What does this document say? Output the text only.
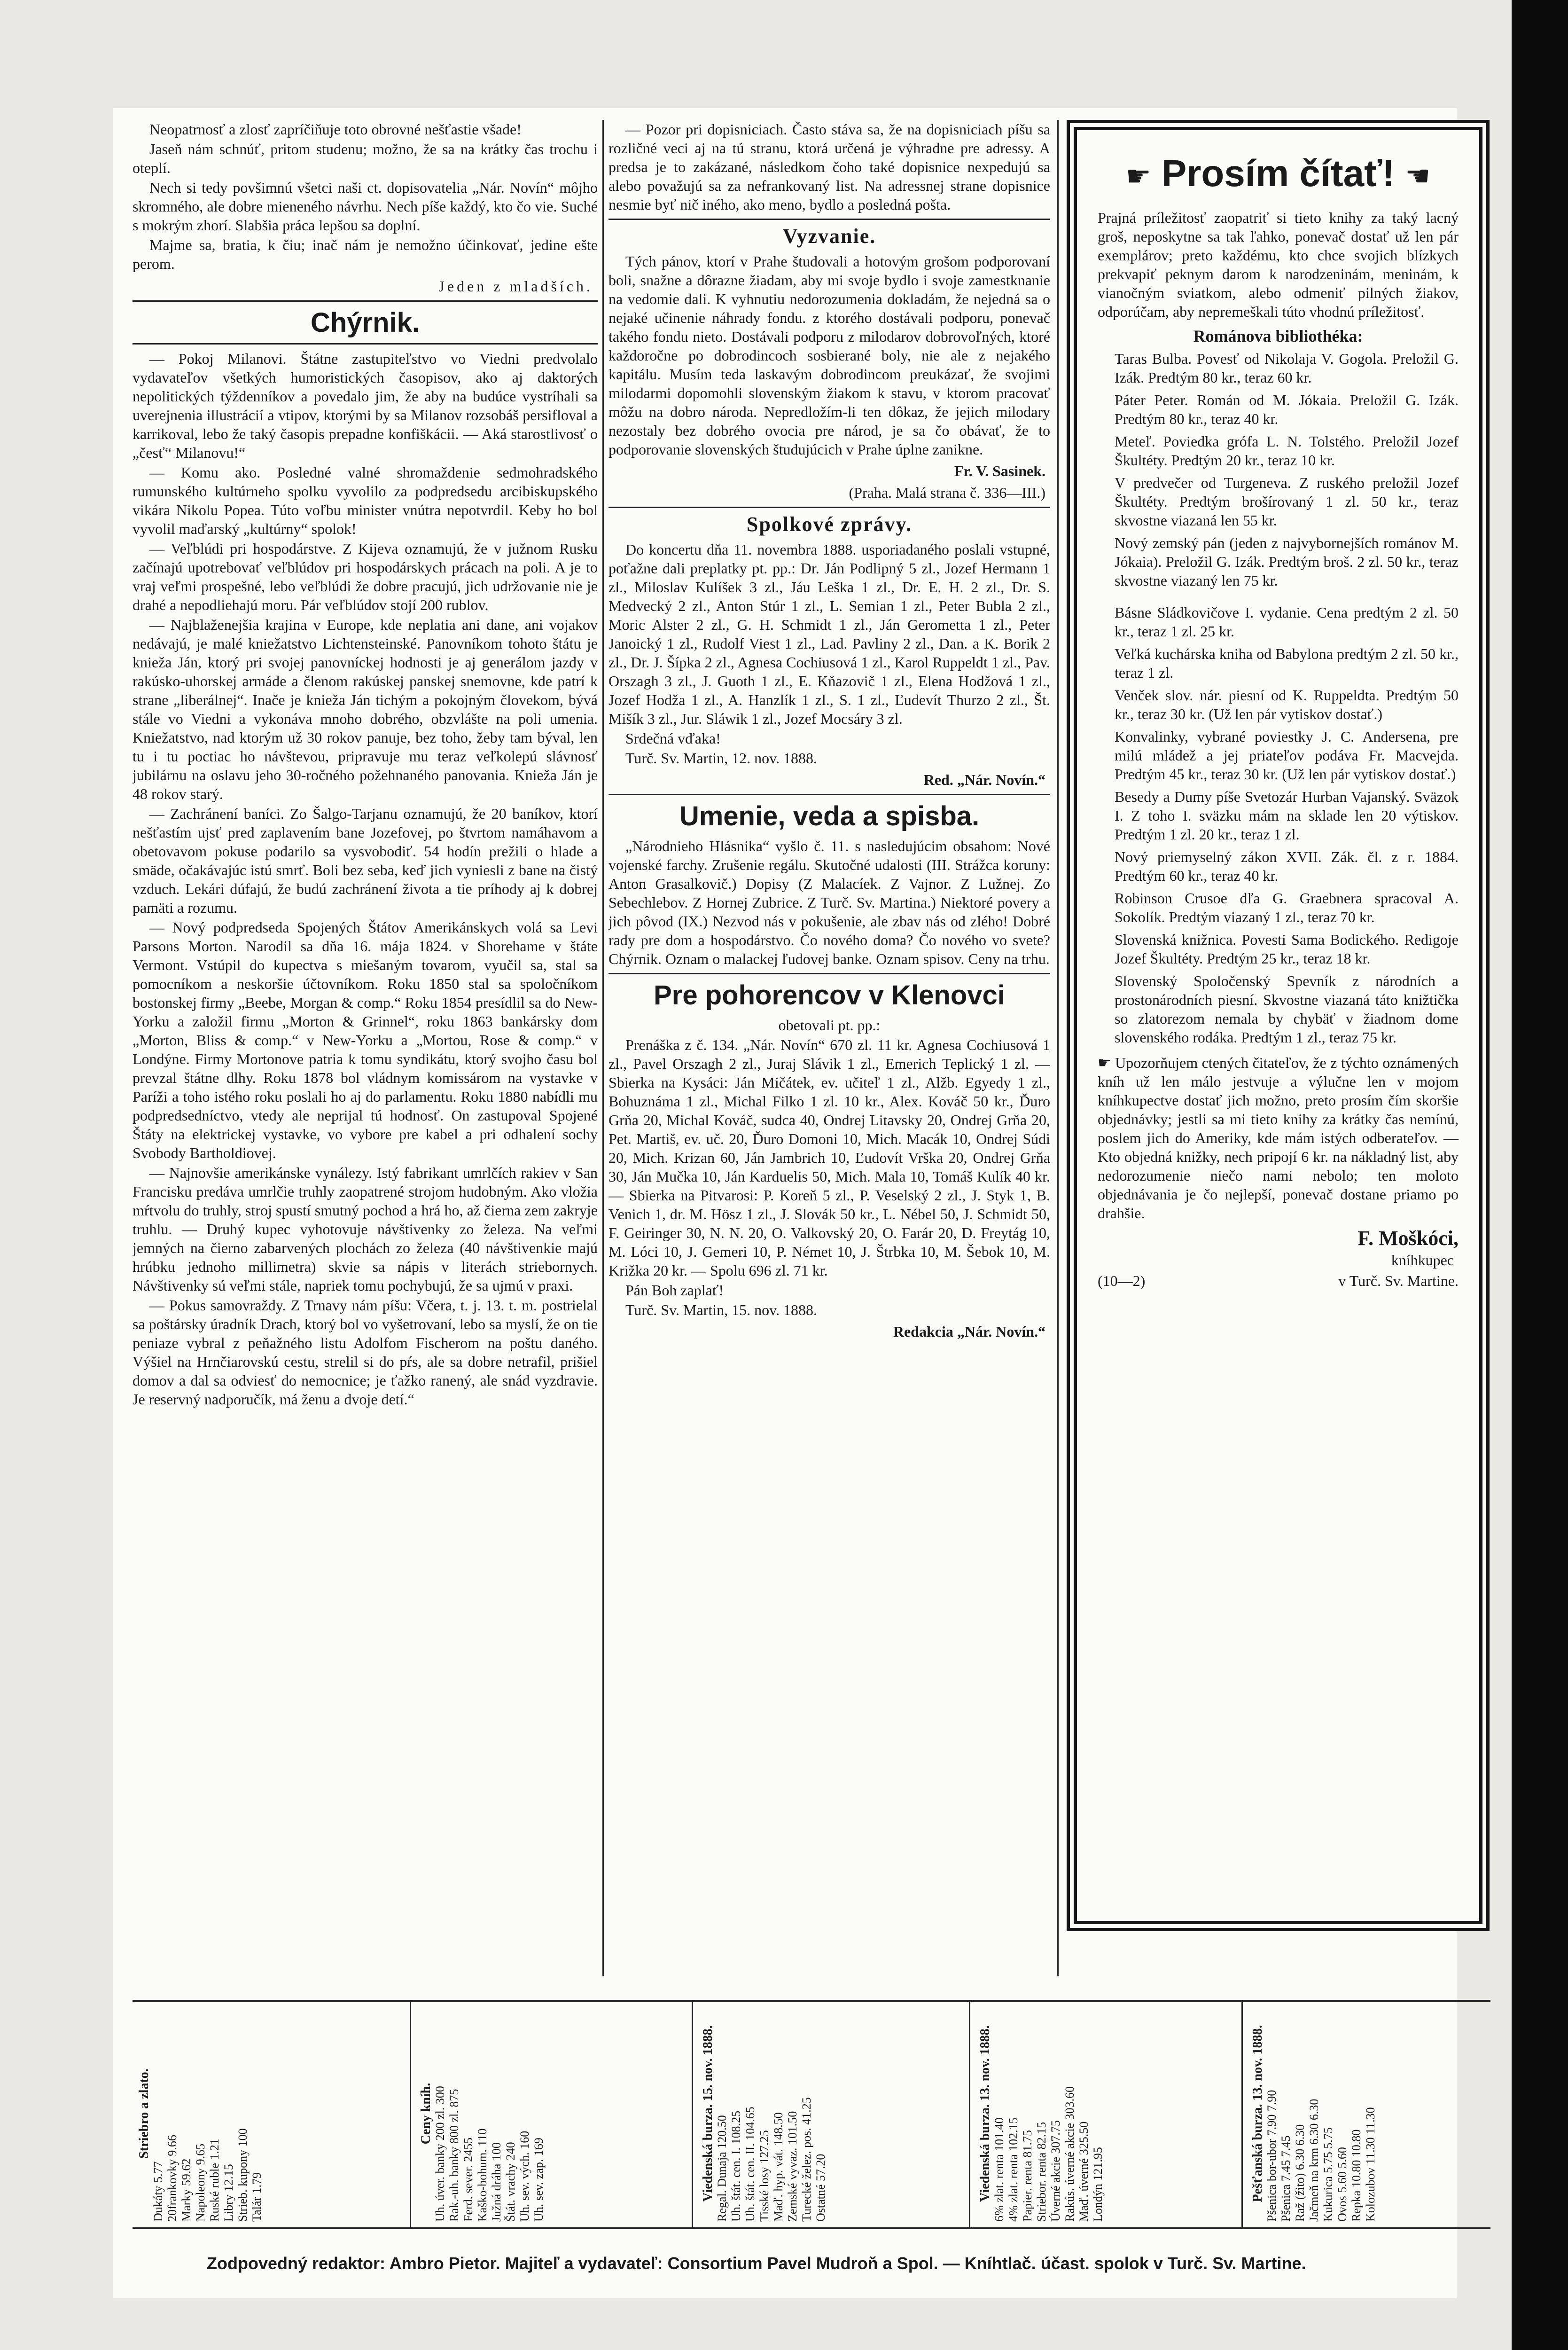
Neopatrnosť a zlosť zapríčiňuje toto obrovné nešťastie všade!

Jaseň nám schnúť, pritom studenu; možno, že sa na krátky čas trochu i oteplí.

Nech si tedy povšimnú všetci naši ct. dopisovatelia „Nár. Novín“ môjho skromného, ale dobre mieneného návrhu. Nech píše každý, kto čo vie. Suché s mokrým zhorí. Slabšia práca lepšou sa doplní.

Majme sa, bratia, k čiu; inač nám je nemožno účinkovať, jedine ešte perom.

Jeden z mladších.
Chýrnik.

— Pokoj Milanovi. Štátne zastupiteľstvo vo Viedni predvolalo vydavateľov všetkých humoristických časopisov, ako aj daktorých nepolitických týždenníkov a povedalo jim, že aby na budúce vystríhali sa uverejnenia illustrácií a vtipov, ktorými by sa Milanov rozsobáš persifloval a karrikoval, lebo že taký časopis prepadne konfiškácii. — Aká starostlivosť o „česť“ Milanovu!“

— Komu ako. Posledné valné shromaždenie sedmohradského rumunského kultúrneho spolku vyvolilo za podpredsedu arcibiskupského vikára Nikolu Popea. Túto voľbu minister vnútra nepotvrdil. Keby ho bol vyvolil maďarský „kultúrny“ spolok!

— Veľblúdi pri hospodárstve. Z Kijeva oznamujú, že v južnom Rusku začínajú upotrebovať veľblúdov pri hospodárskych prácach na poli. A je to vraj veľmi prospešné, lebo veľblúdi že dobre pracujú, jich udržovanie nie je drahé a nepodliehajú moru. Pár veľblúdov stojí 200 rublov.

— Najblaženejšia krajina v Europe, kde neplatia ani dane, ani vojakov nedávajú, je malé kniežatstvo Lichtensteinské. Panovníkom tohoto štátu je knieža Ján, ktorý pri svojej panovníckej hodnosti je aj generálom jazdy v rakúsko-uhorskej armáde a členom rakúskej panskej snemovne, kde patrí k strane „liberálnej“. Inače je knieža Ján tichým a pokojným človekom, bývá stále vo Viedni a vykonáva mnoho dobrého, obzvlášte na poli umenia. Kniežatstvo, nad ktorým už 30 rokov panuje, bez toho, žeby tam býval, len tu i tu poctiac ho návštevou, pripravuje mu teraz veľkolepú slávnosť jubilárnu na oslavu jeho 30-ročného požehnaného panovania. Knieža Ján je 48 rokov starý.

— Zachránení baníci. Zo Šalgo-Tarjanu oznamujú, že 20 baníkov, ktorí nešťastím ujsť pred zaplavením bane Jozefovej, po štvrtom namáhavom a obetovavom pokuse podarilo sa vysvobodiť. 54 hodín prežili o hlade a smäde, očakávajúc istú smrť. Boli bez seba, keď jich vyniesli z bane na čistý vzduch. Lekári dúfajú, že budú zachránení života a tie príhody aj k dobrej pamäti a rozumu.

— Nový podpredseda Spojených Štátov Amerikánskych volá sa Levi Parsons Morton. Narodil sa dňa 16. mája 1824. v Shorehame v štáte Vermont. Vstúpil do kupectva s miešaným tovarom, vyučil sa, stal sa pomocníkom a neskoršie účtovníkom. Roku 1850 stal sa spoločníkom bostonskej firmy „Beebe, Morgan & comp.“ Roku 1854 presídlil sa do New-Yorku a založil firmu „Morton & Grinnel“, roku 1863 bankársky dom „Morton, Bliss & comp.“ v New-Yorku a „Mortou, Rose & comp.“ v Londýne. Firmy Mortonove patria k tomu syndikátu, ktorý svojho času bol prevzal štátne dlhy. Roku 1878 bol vládnym komissárom na vystavke v Paríži a toho istého roku poslali ho aj do parlamentu. Roku 1880 nabídli mu podpredsedníctvo, vtedy ale neprijal tú hodnosť. On zastupoval Spojené Štáty na elektrickej vystavke, vo vybore pre kabel a pri odhalení sochy Svobody Bartholdiovej.

— Najnovšie amerikánske vynálezy. Istý fabrikant umrlčích rakiev v San Francisku predáva umrlčie truhly zaopatrené strojom hudobným. Ako vložia mŕtvolu do truhly, stroj spustí smutný pochod a hrá ho, až čierna zem zakryje truhlu. — Druhý kupec vyhotovuje návštivenky zo železa. Na veľmi jemných na čierno zabarvených plochách zo železa (40 návštivenkie majú hrúbku jednoho millimetra) skvie sa nápis v literách striebornych. Návštivenky sú veľmi stále, napriek tomu pochybujú, že sa ujmú v praxi.

— Pokus samovraždy. Z Trnavy nám píšu: Včera, t. j. 13. t. m. postrielal sa poštársky úradník Drach, ktorý bol vo vyšetrovaní, lebo sa myslí, že on tie peniaze vybral z peňažného listu Adolfom Fischerom na poštu daného. Výšiel na Hrnčiarovskú cestu, strelil si do pŕs, ale sa dobre netrafil, prišiel domov a dal sa odviesť do nemocnice; je ťažko ranený, ale snád vyzdravie. Je reservný nadporučík, má ženu a dvoje detí.“

— Pozor pri dopisniciach. Často stáva sa, že na dopisniciach píšu sa rozličné veci aj na tú stranu, ktorá určená je výhradne pre adressy. A predsa je to zakázané, následkom čoho také dopisnice nexpedujú sa alebo považujú sa za nefrankovaný list. Na adressnej strane dopisnice nesmie byť nič iného, ako meno, bydlo a posledná pošta.

Vyzvanie.

Tých pánov, ktorí v Prahe študovali a hotovým grošom podporovaní boli, snažne a dôrazne žiadam, aby mi svoje bydlo i svoje zamestknanie na vedomie dali. K vyhnutiu nedorozumenia dokladám, že nejedná sa o nejaké učinenie náhrady fondu. z ktorého dostávali podporu, ponevač takého fondu nieto. Dostávali podporu z milodarov dobrovoľných, ktoré každoročne po dobrodincoch sosbierané boly, nie ale z nejakého kapitálu. Musím teda laskavým dobrodincom preukázať, že svojimi milodarmi dopomohli slovenským žiakom k stavu, v ktorom pracovať môžu na dobro národa. Nepredložím-li ten dôkaz, že jejich milodary nezostaly bez dobrého ovocia pre národ, je sa čo obávať, že to podporovanie slovenských študujúcich v Prahe úplne zanikne.

Fr. V. Sasinek.
(Praha. Malá strana č. 336—III.)
Spolkové zprávy.

Do koncertu dňa 11. novembra 1888. usporiadaného poslali vstupné, poťažne dali preplatky pt. pp.: Dr. Ján Podlipný 5 zl., Jozef Hermann 1 zl., Miloslav Kulíšek 3 zl., Jáu Leška 1 zl., Dr. E. H. 2 zl., Dr. S. Medvecký 2 zl., Anton Stúr 1 zl., L. Semian 1 zl., Peter Bubla 2 zl., Moric Alster 2 zl., G. H. Schmidt 1 zl., Ján Gerometta 1 zl., Peter Janoický 1 zl., Rudolf Viest 1 zl., Lad. Pavliny 2 zl., Dan. a K. Borik 2 zl., Dr. J. Šípka 2 zl., Agnesa Cochiusová 1 zl., Karol Ruppeldt 1 zl., Pav. Orszagh 3 zl., J. Guoth 1 zl., E. Kňazovič 1 zl., Elena Hodžová 1 zl., Jozef Hodža 1 zl., A. Hanzlík 1 zl., S. 1 zl., Ľudevít Thurzo 2 zl., Št. Mišík 3 zl., Jur. Sláwik 1 zl., Jozef Mocsáry 3 zl.

Srdečná vďaka!

Turč. Sv. Martin, 12. nov. 1888.

Red. „Nár. Novín.“
Umenie, veda a spisba.

„Národnieho Hlásnika“ vyšlo č. 11. s nasledujúcim obsahom: Nové vojenské farchy. Zrušenie regálu. Skutočné udalosti (III. Strážca koruny: Anton Grasalkovič.) Dopisy (Z Malacíek. Z Vajnor. Z Lužnej. Zo Sebechlebov. Z Hornej Zubrice. Z Turč. Sv. Martina.) Niektoré povery a jich pôvod (IX.) Nezvod nás v pokušenie, ale zbav nás od zlého! Dobré rady pre dom a hospodárstvo. Čo nového doma? Čo nového vo svete? Chýrnik. Oznam o malackej ľudovej banke. Oznam spisov. Ceny na trhu.

Pre pohorencov v Klenovci

obetovali pt. pp.:

Prenáška z č. 134. „Nár. Novín“ 670 zl. 11 kr. Agnesa Cochiusová 1 zl., Pavel Orszagh 2 zl., Juraj Slávik 1 zl., Emerich Teplický 1 zl. — Sbierka na Kysáci: Ján Mičátek, ev. učiteľ 1 zl., Alžb. Egyedy 1 zl., Bohuznáma 1 zl., Michal Filko 1 zl. 10 kr., Alex. Kováč 50 kr., Ďuro Grňa 20, Michal Kováč, sudca 40, Ondrej Litavsky 20, Ondrej Grňa 20, Pet. Martiš, ev. uč. 20, Ďuro Domoni 10, Mich. Macák 10, Ondrej Súdi 20, Mich. Krizan 60, Ján Jambrich 10, Ľudovít Vrška 20, Ondrej Grňa 30, Ján Mučka 10, Ján Karduelis 50, Mich. Mala 10, Tomáš Kulík 40 kr. — Sbierka na Pitvarosi: P. Koreň 5 zl., P. Veselský 2 zl., J. Styk 1, B. Venich 1, dr. M. Hösz 1 zl., J. Slovák 50 kr., L. Nébel 50, J. Schmidt 50, F. Geiringer 30, N. N. 20, O. Valkovský 20, O. Farár 20, D. Freytág 10, M. Lóci 10, J. Gemeri 10, P. Német 10, J. Štrbka 10, M. Šebok 10, M. Križka 20 kr. — Spolu 696 zl. 71 kr.

Pán Boh zaplať!

Turč. Sv. Martin, 15. nov. 1888.

Redakcia „Nár. Novín.“
☛ Prosím čítať! ☚

Prajná príležitosť zaopatriť si tieto knihy za taký lacný groš, neposkytne sa tak ľahko, ponevač dostať už len pár exemplárov; preto každému, kto chce svojich blízkych prekvapiť peknym darom k narodzeninám, meninám, k vianočným sviatkom, alebo odmeniť pilných žiakov, odporúčam, aby nepremeškali túto vhodnú príležitosť.

Románova bibliothéka:

Taras Bulba. Povesť od Nikolaja V. Gogola. Preložil G. Izák. Predtým 80 kr., teraz 60 kr.

Páter Peter. Román od M. Jókaia. Preložil G. Izák. Predtým 80 kr., teraz 40 kr.

Meteľ. Poviedka grófa L. N. Tolstého. Preložil Jozef Škultéty. Predtým 20 kr., teraz 10 kr.

V predvečer od Turgeneva. Z ruského preložil Jozef Škultéty. Predtým brošírovaný 1 zl. 50 kr., teraz skvostne viazaná len 55 kr.

Nový zemský pán (jeden z najvybornejších románov M. Jókaia). Preložil G. Izák. Predtým broš. 2 zl. 50 kr., teraz skvostne viazaný len 75 kr.

Básne Sládkovičove I. vydanie. Cena predtým 2 zl. 50 kr., teraz 1 zl. 25 kr.

Veľká kuchárska kniha od Babylona predtým 2 zl. 50 kr., teraz 1 zl.

Venček slov. nár. piesní od K. Ruppeldta. Predtým 50 kr., teraz 30 kr. (Už len pár vytiskov dostať.)

Konvalinky, vybrané poviestky J. C. Andersena, pre milú mládež a jej priateľov podáva Fr. Macvejda. Predtým 45 kr., teraz 30 kr. (Už len pár vytiskov dostať.)

Besedy a Dumy píše Svetozár Hurban Vajanský. Sväzok I. Z toho I. sväzku mám na sklade len 20 výtiskov. Predtým 1 zl. 20 kr., teraz 1 zl.

Nový priemyselný zákon XVII. Zák. čl. z r. 1884. Predtým 60 kr., teraz 40 kr.

Robinson Crusoe dľa G. Graebnera spracoval A. Sokolík. Predtým viazaný 1 zl., teraz 70 kr.

Slovenská knižnica. Povesti Sama Bodického. Redigoje Jozef Škultéty. Predtým 25 kr., teraz 18 kr.

Slovenský Spoločenský Spevník z národních a prostonárodních piesní. Skvostne viazaná táto knižtička so zlatorezom nemala by chybäť v žiadnom dome slovenského rodáka. Predtým 1 zl., teraz 75 kr.

☛ Upozorňujem ctených čitateľov, že z týchto oznámených kníh už len málo jestvuje a výlučne len v mojom kníhkupectve dostať jich možno, preto prosím čím skoršie objednávky; jestli sa mi tieto knihy za krátky čas nemínú, poslem jich do Ameriky, kde mám istých odberateľov. — Kto objedná knižky, nech pripojí 6 kr. na nákladný list, aby nedorozumenie niečo nami nebolo; ten moloto objednávania je čo nejlepší, ponevač dostane priamo po drahšie.

F. Moškóci,
kníhkupec
(10—2)	v Turč. Sv. Martine.
Pešťanská burza. 13. nov. 1888. Pšenica bor-ubor 7.90 7.90 Pšenica 7.45 7.45 Raž (žito) 6.30 6.30 Jačmeň na krm 6.30 6.30 Kukurica 5.75 5.75 Ovos 5.60 5.60 Repka 10.80 10.80 Kolozubov 11.30 11.30
Viedenská burza. 13. nov. 1888. 6% zlat. renta 101.40 4% zlat. renta 102.15 Papier. renta 81.75 Striebor. renta 82.15 Úverné akcie 307.75 Rakús. úverné akcie 303.60 Maď. úverné 325.50 Londýn 121.95
Viedenská burza. 15. nov. 1888. Regal. Dunaja 120.50 Uh. štát. cen. I. 108.25 Uh. štát. cen. II. 104.65 Tisské losy 127.25 Maď. hyp. vát. 148.50 Zemské vyvaz. 101.50 Turecké želez. pos. 41.25 Ostatné 57.20
Ceny kníh. Uh. úver. banky 200 zl. 300 Rak.-uh. banky 800 zl. 875 Ferd. sever. 2455 Kaško-bohum. 110 Južná dráha 100 Štát. vrachy 240 Uh. sev. vých. 160 Uh. sev. zap. 169
Striebro a zlato.
Dukáty 5.77 20frankovky 9.66 Marky 59.62 Napoleony 9.65 Ruské ruble 1.21 Libry 12.15 Strieb. kupony 100 Talár 1.79
Zodpovedný redaktor: Ambro Pietor. Majiteľ a vydavateľ: Consortium Pavel Mudroň a Spol. — Kníhtlač. účast. spolok v Turč. Sv. Martine.
